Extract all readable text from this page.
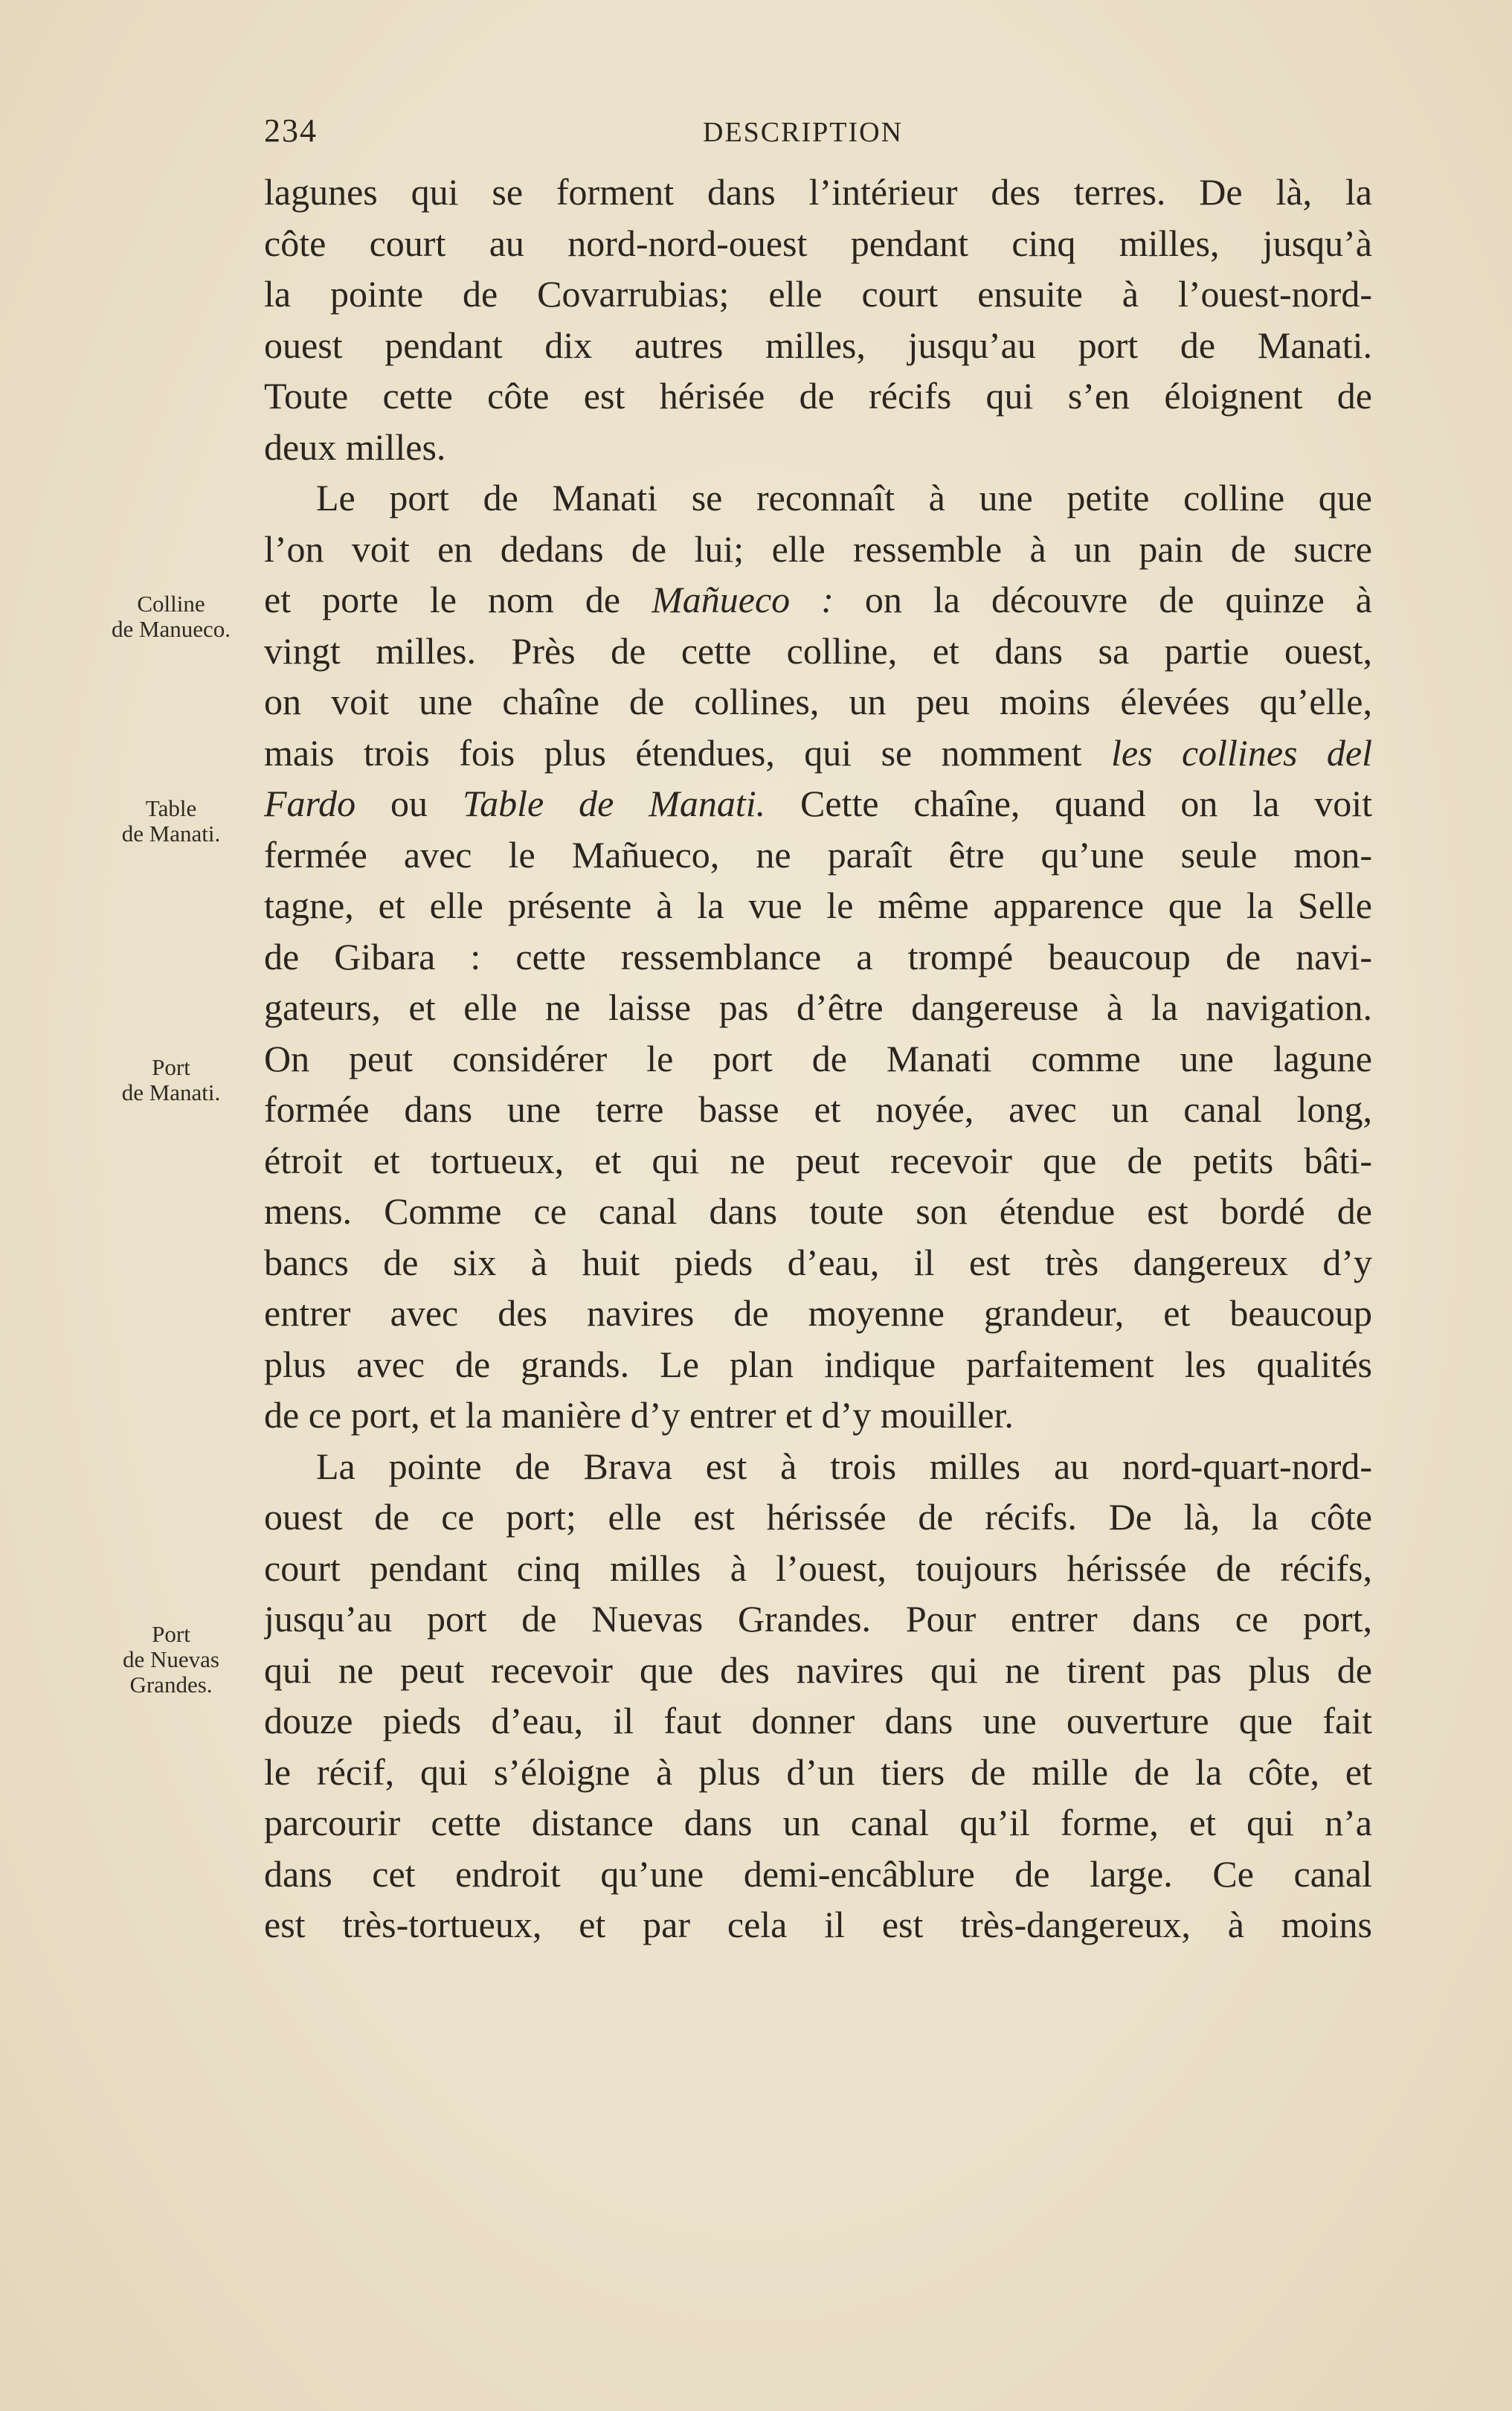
234	DESCRIPTION
Colline
de Manueco.
Table
de Manati.
Port
de Manati.
Port
de Nuevas
Grandes.
lagunes qui se forment dans l’intérieur des terres. De là, la
côte court au nord-nord-ouest pendant cinq milles, jusqu’à
la pointe de Covarrubias; elle court ensuite à l’ouest-nord-
ouest pendant dix autres milles, jusqu’au port de Manati.
Toute cette côte est hérisée de récifs qui s’en éloignent de
deux milles.
Le port de Manati se reconnaît à une petite colline que
l’on voit en dedans de lui; elle ressemble à un pain de sucre
et porte le nom de Mañueco : on la découvre de quinze à
vingt milles. Près de cette colline, et dans sa partie ouest,
on voit une chaîne de collines, un peu moins élevées qu’elle,
mais trois fois plus étendues, qui se nomment les collines del
Fardo ou Table de Manati. Cette chaîne, quand on la voit
fermée avec le Mañueco, ne paraît être qu’une seule mon-
tagne, et elle présente à la vue le même apparence que la Selle
de Gibara : cette ressemblance a trompé beaucoup de navi-
gateurs, et elle ne laisse pas d’être dangereuse à la navigation.
On peut considérer le port de Manati comme une lagune
formée dans une terre basse et noyée, avec un canal long,
étroit et tortueux, et qui ne peut recevoir que de petits bâti-
mens. Comme ce canal dans toute son étendue est bordé de
bancs de six à huit pieds d’eau, il est très dangereux d’y
entrer avec des navires de moyenne grandeur, et beaucoup
plus avec de grands. Le plan indique parfaitement les qualités
de ce port, et la manière d’y entrer et d’y mouiller.
La pointe de Brava est à trois milles au nord-quart-nord-
ouest de ce port; elle est hérissée de récifs. De là, la côte
court pendant cinq milles à l’ouest, toujours hérissée de récifs,
jusqu’au port de Nuevas Grandes. Pour entrer dans ce port,
qui ne peut recevoir que des navires qui ne tirent pas plus de
douze pieds d’eau, il faut donner dans une ouverture que fait
le récif, qui s’éloigne à plus d’un tiers de mille de la côte, et
parcourir cette distance dans un canal qu’il forme, et qui n’a
dans cet endroit qu’une demi-encâblure de large. Ce canal
est très-tortueux, et par cela il est très-dangereux, à moins
